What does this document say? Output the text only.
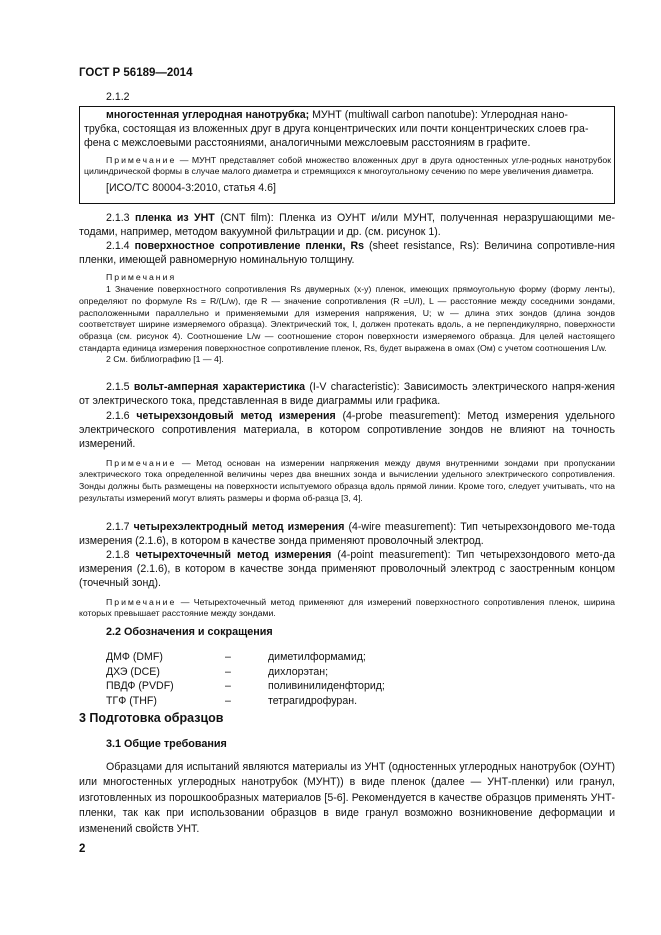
ГОСТ Р 56189—2014

2.1.2

многостенная углеродная нанотрубка; МУНТ (multiwall carbon nanotube): Углеродная нано-

трубка, состоящая из вложенных друг в друга концентрических или почти концентрических слоев гра-

фена с межслоевыми расстояниями, аналогичными межслоевым расстояниям в графите.

Примечание — МУНТ представляет собой множество вложенных друг в друга одностенных угле-родных нанотрубок цилиндрической формы в случае малого диаметра и стремящихся к многоугольному сечению по мере увеличения диаметра.

[ИСО/ТС 80004-3:2010, статья 4.6]

2.1.3 пленка из УНТ (CNT film): Пленка из ОУНТ и/или МУНТ, полученная неразрушающими ме-тодами, например, методом вакуумной фильтрации и др. (см. рисунок 1).

2.1.4 поверхностное сопротивление пленки, Rs (sheet resistance, Rs): Величина сопротивле-ния пленки, имеющей равномерную номинальную толщину.

Примечания

1 Значение поверхностного сопротивления Rs двумерных (x-y) пленок, имеющих прямоугольную форму (форму ленты), определяют по формуле Rs = R/(L/w), где R — значение сопротивления (R =U/I), L — расстояние между соседними зондами, расположенными параллельно и применяемыми для измерения напряжения, U; w — длина этих зондов (длина зондов соответствует ширине измеряемого образца). Электрический ток, I, должен протекать вдоль, а не перпендикулярно, поверхности образца (см. рисунок 4). Соотношение L/w — соотношение сторон поверхности измеряемого образца. Для целей настоящего стандарта единица измерения поверхностное сопротивление пленок, Rs, будет выражена в омах (Ом) с учетом соотношения L/w.

2 См. библиографию [1 — 4].

2.1.5 вольт-амперная характеристика (I-V characteristic): Зависимость электрического напря-жения от электрического тока, представленная в виде диаграммы или графика.

2.1.6 четырехзондовый метод измерения (4-probe measurement): Метод измерения удельного электрического сопротивления материала, в котором сопротивление зондов не влияют на точность измерений.

Примечание — Метод основан на измерении напряжения между двумя внутренними зондами при пропускании электрического тока определенной величины через два внешних зонда и вычислении удельного электрического сопротивления. Зонды должны быть размещены на поверхности испытуемого образца вдоль прямой линии. Кроме того, следует учитывать, что на результаты измерений могут влиять размеры и форма об-разца [3, 4].

2.1.7 четырехэлектродный метод измерения (4-wire measurement): Тип четырехзондового ме-тода измерения (2.1.6), в котором в качестве зонда применяют проволочный электрод.

2.1.8 четырехточечный метод измерения (4-point measurement): Тип четырехзондового мето-да измерения (2.1.6), в котором в качестве зонда применяют проволочный электрод с заостренным концом (точечный зонд).

Примечание — Четырехточечный метод применяют для измерений поверхностного сопротивления пленок, ширина которых превышает расстояние между зондами.

2.2 Обозначения и сокращения

ДМФ (DMF)	–	диметилформамид;
ДХЭ (DCE)	–	дихлорэтан;
ПВДФ (PVDF)	–	поливинилиденфторид;
ТГФ (THF)	–	тетрагидрофуран.

3 Подготовка образцов

3.1 Общие требования

Образцами для испытаний являются материалы из УНТ (одностенных углеродных нанотрубок (ОУНТ) или многостенных углеродных нанотрубок (МУНТ)) в виде пленок (далее — УНТ-пленки) или гранул, изготовленных из порошкообразных материалов [5-6]. Рекомендуется в качестве образцов применять УНТ-пленки, так как при использовании образцов в виде гранул возможно возникновение деформации и изменений свойств УНТ.

2
